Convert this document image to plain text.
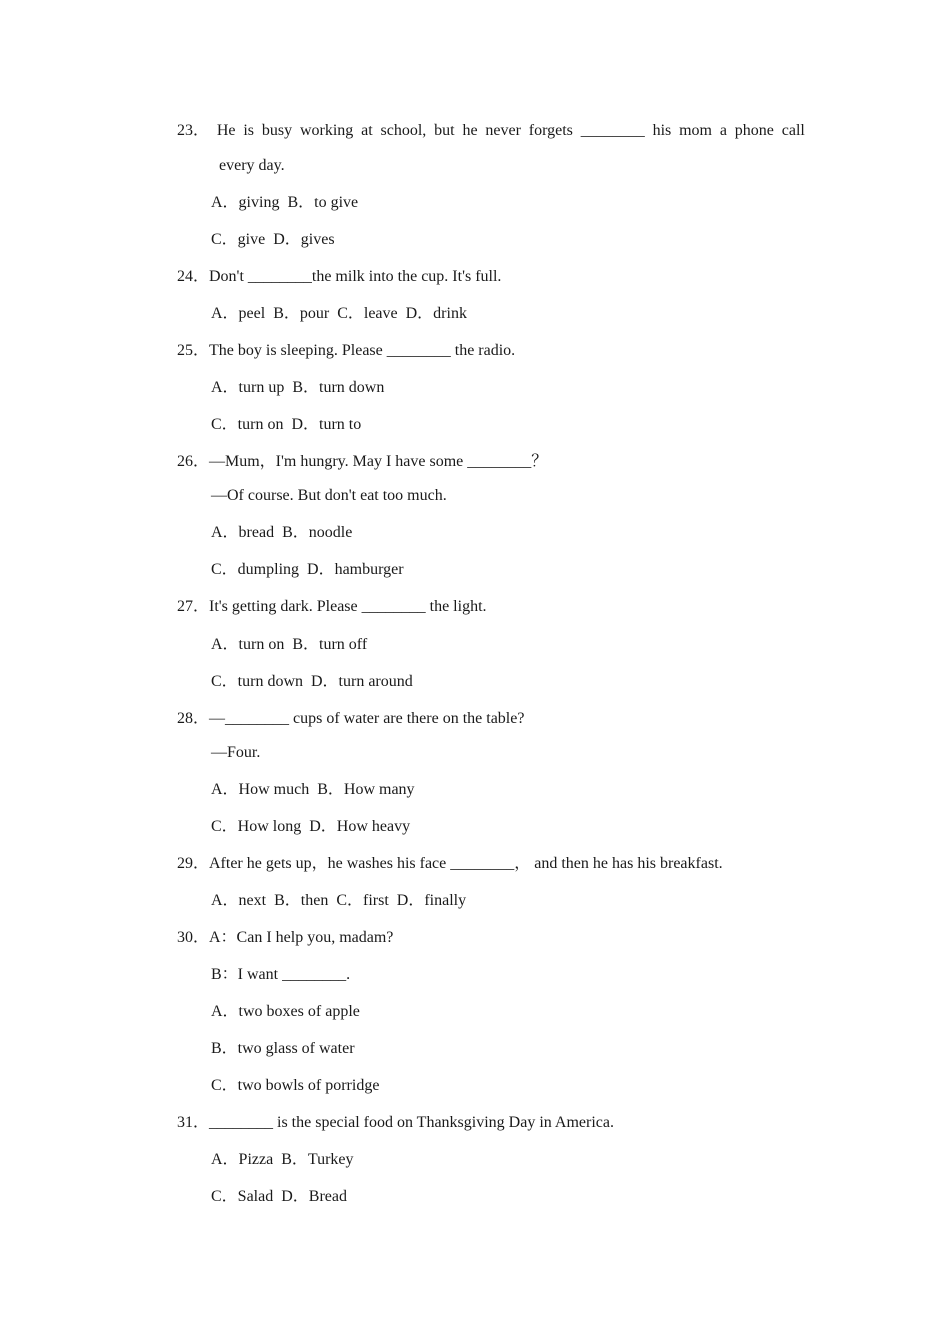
23． He is busy working at school, but he never forgets ________ his mom a phone call
every day.
A．giving  B．to give
C．give  D．gives
24．Don't ________the milk into the cup. It's full.
A．peel  B．pour  C．leave  D．drink
25．The boy is sleeping. Please ________ the radio.
A．turn up  B．turn down
C．turn on  D．turn to
26．—Mum，I'm hungry. May I have some ________？
—Of course. But don't eat too much.
A．bread  B．noodle
C．dumpling  D．hamburger
27．It's getting dark. Please ________ the light.
A．turn on  B．turn off
C．turn down  D．turn around
28．—________ cups of water are there on the table?
—Four.
A．How much  B．How many
C．How long  D．How heavy
29．After he gets up，he washes his face ________， and then he has his breakfast.
A．next  B．then  C．first  D．finally
30．A：Can I help you, madam?
B：I want ________.
A．two boxes of apple
B．two glass of water
C．two bowls of porridge
31．________ is the special food on Thanksgiving Day in America.
A．Pizza  B．Turkey
C．Salad  D．Bread
